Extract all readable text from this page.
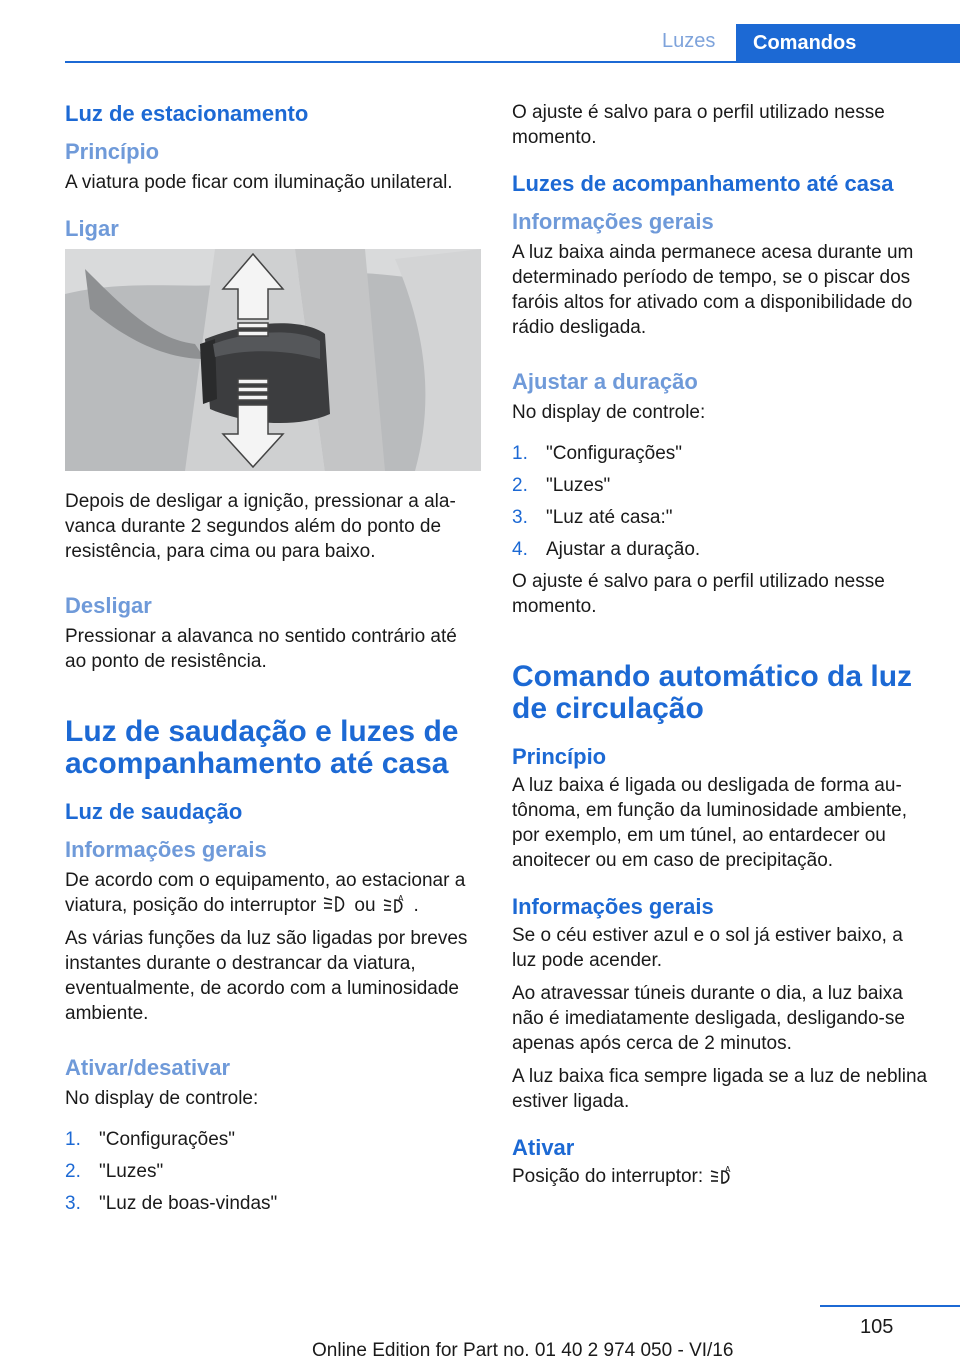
Luzes	Comandos
Luz de estacionamento
Princípio

A viatura pode ficar com iluminação unilateral.

Ligar

Depois de desligar a ignição, pressionar a alavanca durante 2 segundos além do ponto de resistência, para cima ou para baixo.

Desligar

Pressionar a alavanca no sentido contrário até ao ponto de resistência.

Luz de saudação e luzes de acompanhamento até casa
Luz de saudação
Informações gerais

De acordo com o equipamento, ao estacionar a viatura, posição do interruptor ou	A .

As várias funções da luz são ligadas por breves instantes durante o destrancar da viatura, eventualmente, de acordo com a luminosidade ambiente.

Ativar/desativar

No display de controle:

1. "Configurações"
2. "Luzes"
3. "Luz de boas-vindas"

O ajuste é salvo para o perfil utilizado nesse momento.

Luzes de acompanhamento até casa
Informações gerais

A luz baixa ainda permanece acesa durante um determinado período de tempo, se o piscar dos faróis altos for ativado com a disponibilidade do rádio desligada.

Ajustar a duração

No display de controle:

1. "Configurações"
2. "Luzes"
3. "Luz até casa:"
4. Ajustar a duração.

O ajuste é salvo para o perfil utilizado nesse momento.

Comando automático da luz de circulação
Princípio

A luz baixa é ligada ou desligada de forma autônoma, em função da luminosidade ambiente, por exemplo, em um túnel, ao entardecer ou anoitecer ou em caso de precipitação.

Informações gerais

Se o céu estiver azul e o sol já estiver baixo, a luz pode acender.

Ao atravessar túneis durante o dia, a luz baixa não é imediatamente desligada, desligando-se apenas após cerca de 2 minutos.

A luz baixa fica sempre ligada se a luz de neblina estiver ligada.

Ativar

Posição do interruptor:	A

105
Online Edition for Part no. 01 40 2 974 050 - VI/16
